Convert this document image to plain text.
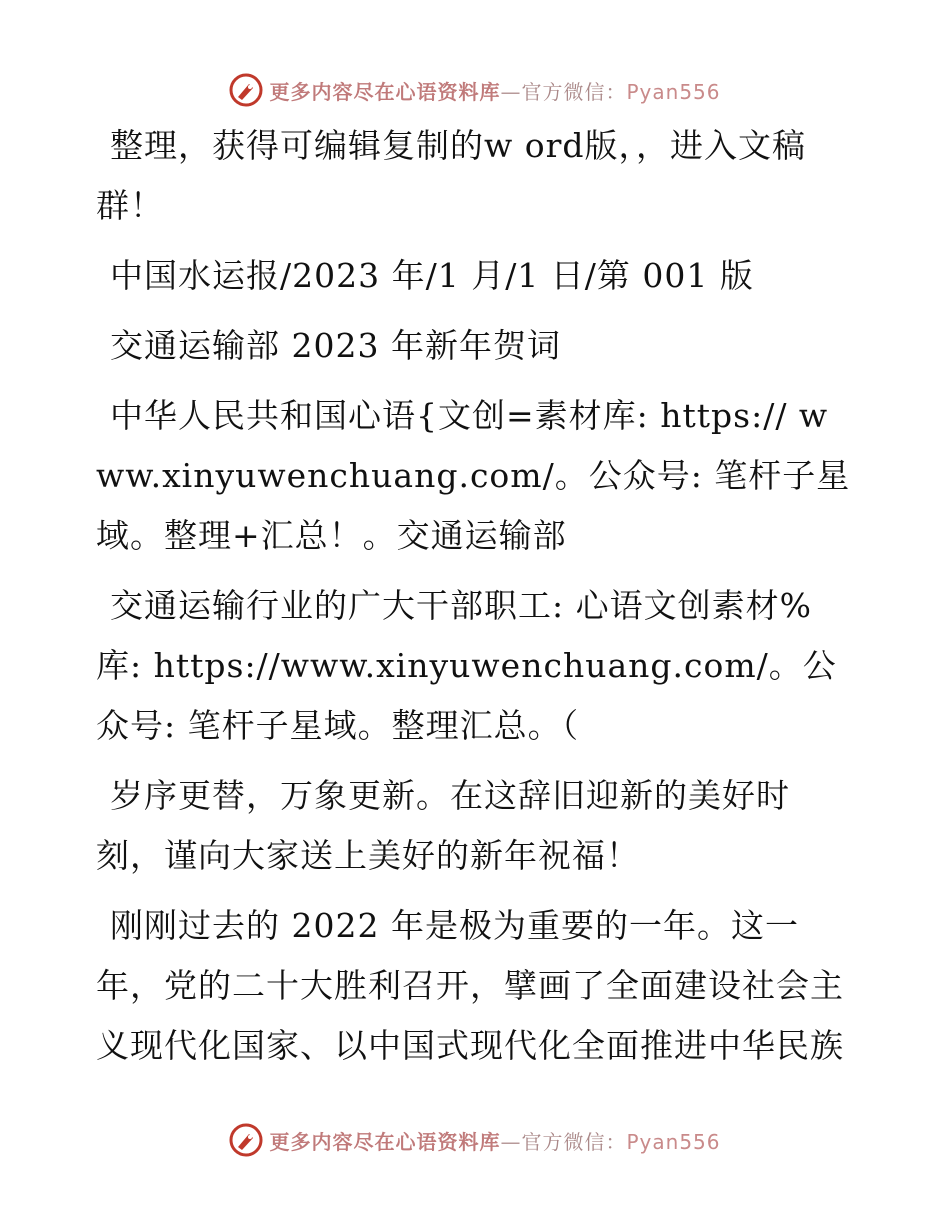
更多内容尽在心语资料库—官方微信：Pyan556

整理，获得可编辑复制的w ord版，，进入文稿群！

中国水运报/2023 年/1 月/1 日/第 001 版

交通运输部 2023 年新年贺词

中华人民共和国心语{文创=素材库: https:// www.xinyuwenchuang.com/。公众号: 笔杆子星域。整理+汇总！。交通运输部

交通运输行业的广大干部职工: 心语文创素材% 库: https://www.xinyuwenchuang.com/。公众号: 笔杆子星域。整理汇总。（

岁序更替，万象更新。在这辞旧迎新的美好时刻，谨向大家送上美好的新年祝福！

刚刚过去的 2022 年是极为重要的一年。这一年，党的二十大胜利召开，擘画了全面建设社会主义现代化国家、以中国式现代化全面推进中华民族

更多内容尽在心语资料库—官方微信：Pyan556
